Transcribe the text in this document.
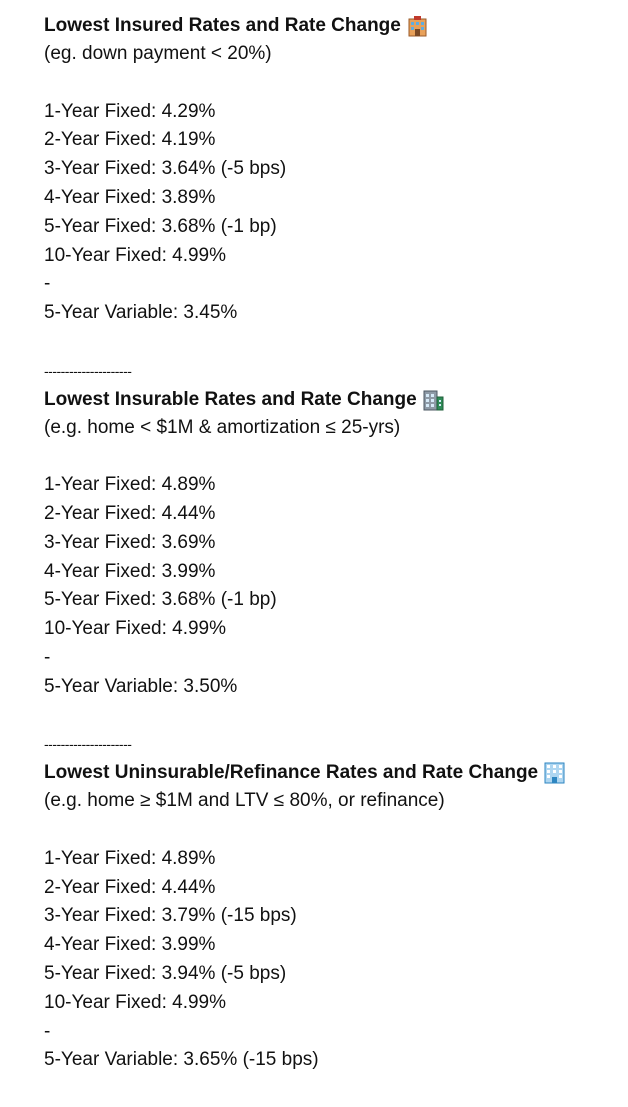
Lowest Insured Rates and Rate Change
(eg. down payment < 20%)
1-Year Fixed: 4.29%
2-Year Fixed: 4.19%
3-Year Fixed: 3.64% (-5 bps)
4-Year Fixed: 3.89%
5-Year Fixed: 3.68% (-1 bp)
10-Year Fixed: 4.99%
-
5-Year Variable: 3.45%
---------------------
Lowest Insurable Rates and Rate Change
(e.g. home < $1M & amortization ≤ 25-yrs)
1-Year Fixed: 4.89%
2-Year Fixed: 4.44%
3-Year Fixed: 3.69%
4-Year Fixed: 3.99%
5-Year Fixed: 3.68% (-1 bp)
10-Year Fixed: 4.99%
-
5-Year Variable: 3.50%
---------------------
Lowest Uninsurable/Refinance Rates and Rate Change
(e.g. home ≥ $1M and LTV ≤ 80%, or refinance)
1-Year Fixed: 4.89%
2-Year Fixed: 4.44%
3-Year Fixed: 3.79% (-15 bps)
4-Year Fixed: 3.99%
5-Year Fixed: 3.94% (-5 bps)
10-Year Fixed: 4.99%
-
5-Year Variable: 3.65% (-15 bps)
